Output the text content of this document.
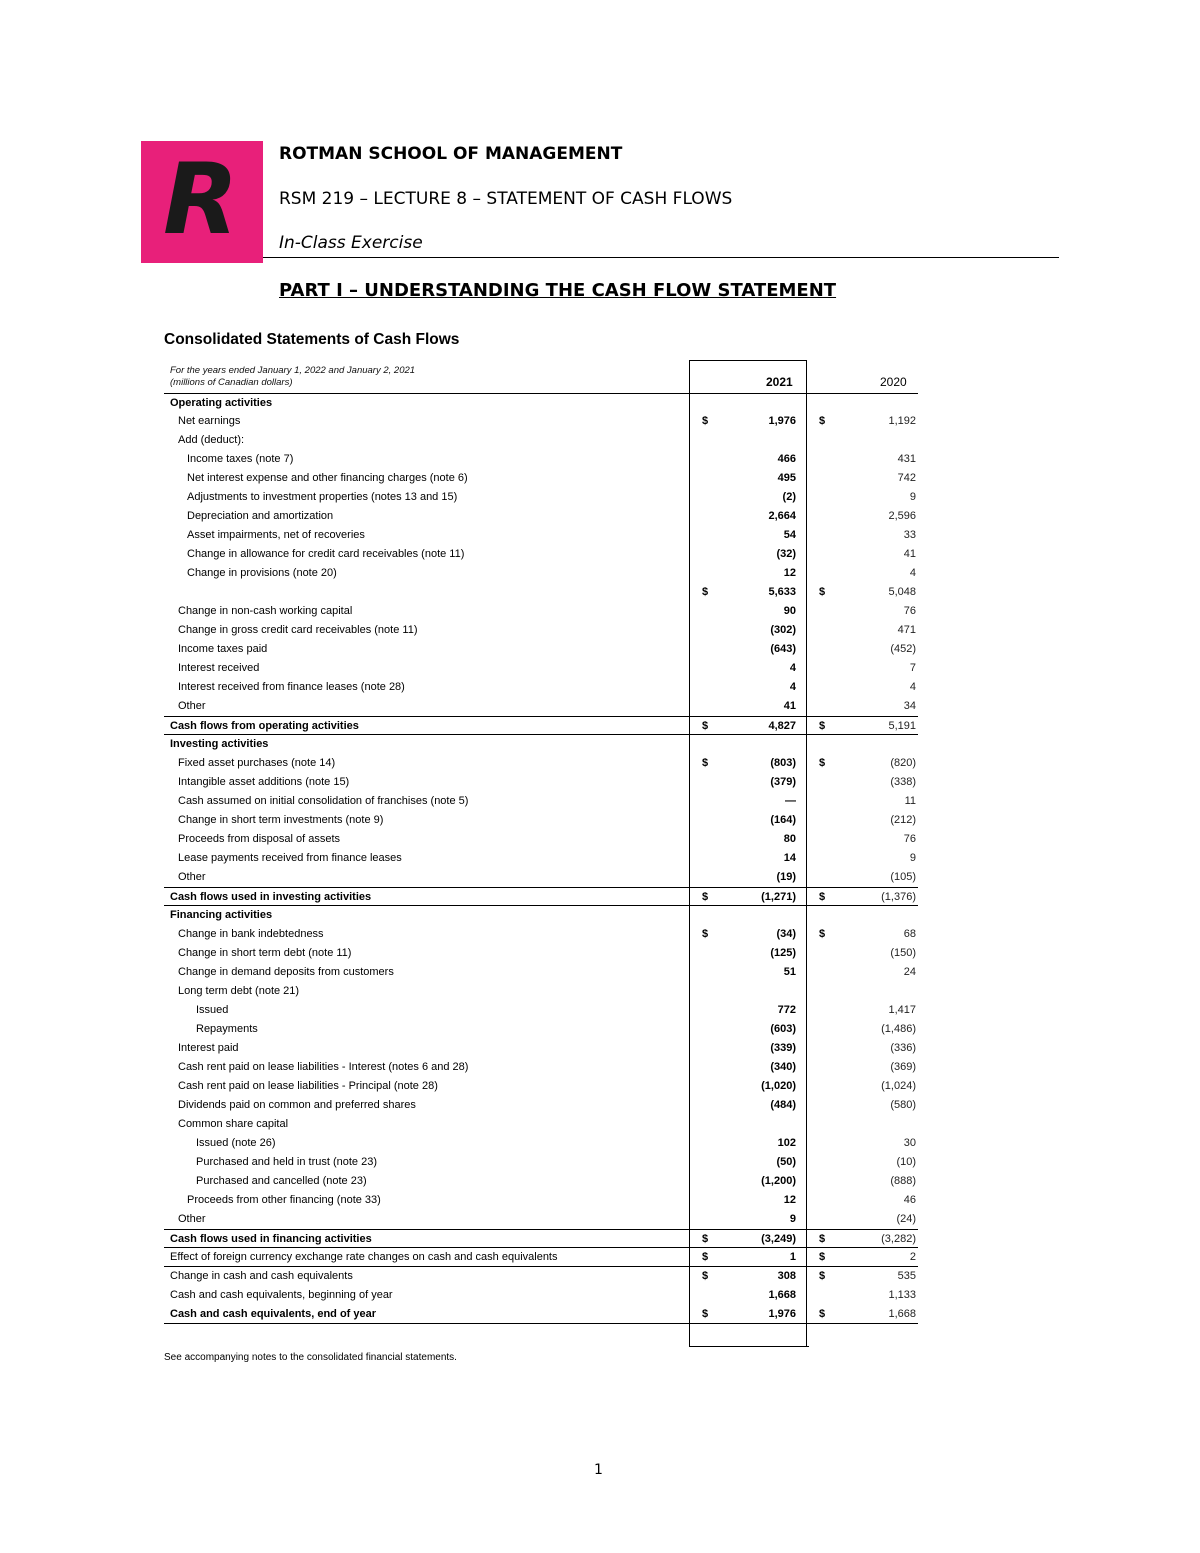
R ROTMAN SCHOOL OF MANAGEMENT
RSM 219 – LECTURE 8 – STATEMENT OF CASH FLOWS
In-Class Exercise
PART I – UNDERSTANDING THE CASH FLOW STATEMENT
Consolidated Statements of Cash Flows
For the years ended January 1, 2022 and January 2, 2021
(millions of Canadian dollars)	2021	2020
Operating activities
Net earnings	$	1,976 $	1,192
Add (deduct):
Income taxes (note 7)	466	431
Net interest expense and other financing charges (note 6)	495	742
Adjustments to investment properties (notes 13 and 15)	(2)	9
Depreciation and amortization	2,664	2,596
Asset impairments, net of recoveries	54	33
Change in allowance for credit card receivables (note 11)	(32)	41
Change in provisions (note 20)	12	4
$	5,633 $	5,048
Change in non-cash working capital	90	76
Change in gross credit card receivables (note 11)	(302)	471
Income taxes paid	(643)	(452)
Interest received	4	7
Interest received from finance leases (note 28)	4	4
Other	41	34
Cash flows from operating activities	$	4,827 $	5,191
Investing activities
Fixed asset purchases (note 14)	$	(803) $	(820)
Intangible asset additions (note 15)	(379)	(338)
Cash assumed on initial consolidation of franchises (note 5)	—	11
Change in short term investments (note 9)	(164)	(212)
Proceeds from disposal of assets	80	76
Lease payments received from finance leases	14	9
Other	(19)	(105)
Cash flows used in investing activities	$	(1,271) $	(1,376)
Financing activities
Change in bank indebtedness	$	(34) $	68
Change in short term debt (note 11)	(125)	(150)
Change in demand deposits from customers	51	24
Long term debt (note 21)
Issued	772	1,417
Repayments	(603)	(1,486)
Interest paid	(339)	(336)
Cash rent paid on lease liabilities - Interest (notes 6 and 28)	(340)	(369)
Cash rent paid on lease liabilities - Principal (note 28)	(1,020)	(1,024)
Dividends paid on common and preferred shares	(484)	(580)
Common share capital
Issued (note 26)	102	30
Purchased and held in trust (note 23)	(50)	(10)
Purchased and cancelled (note 23)	(1,200)	(888)
Proceeds from other financing (note 33)	12	46
Other	9	(24)
Cash flows used in financing activities	$	(3,249) $	(3,282)
Effect of foreign currency exchange rate changes on cash and cash equivalents	$	1 $	2
Change in cash and cash equivalents	$	308 $	535
Cash and cash equivalents, beginning of year	1,668	1,133
Cash and cash equivalents, end of year	$	1,976 $	1,668
See accompanying notes to the consolidated financial statements.
1
